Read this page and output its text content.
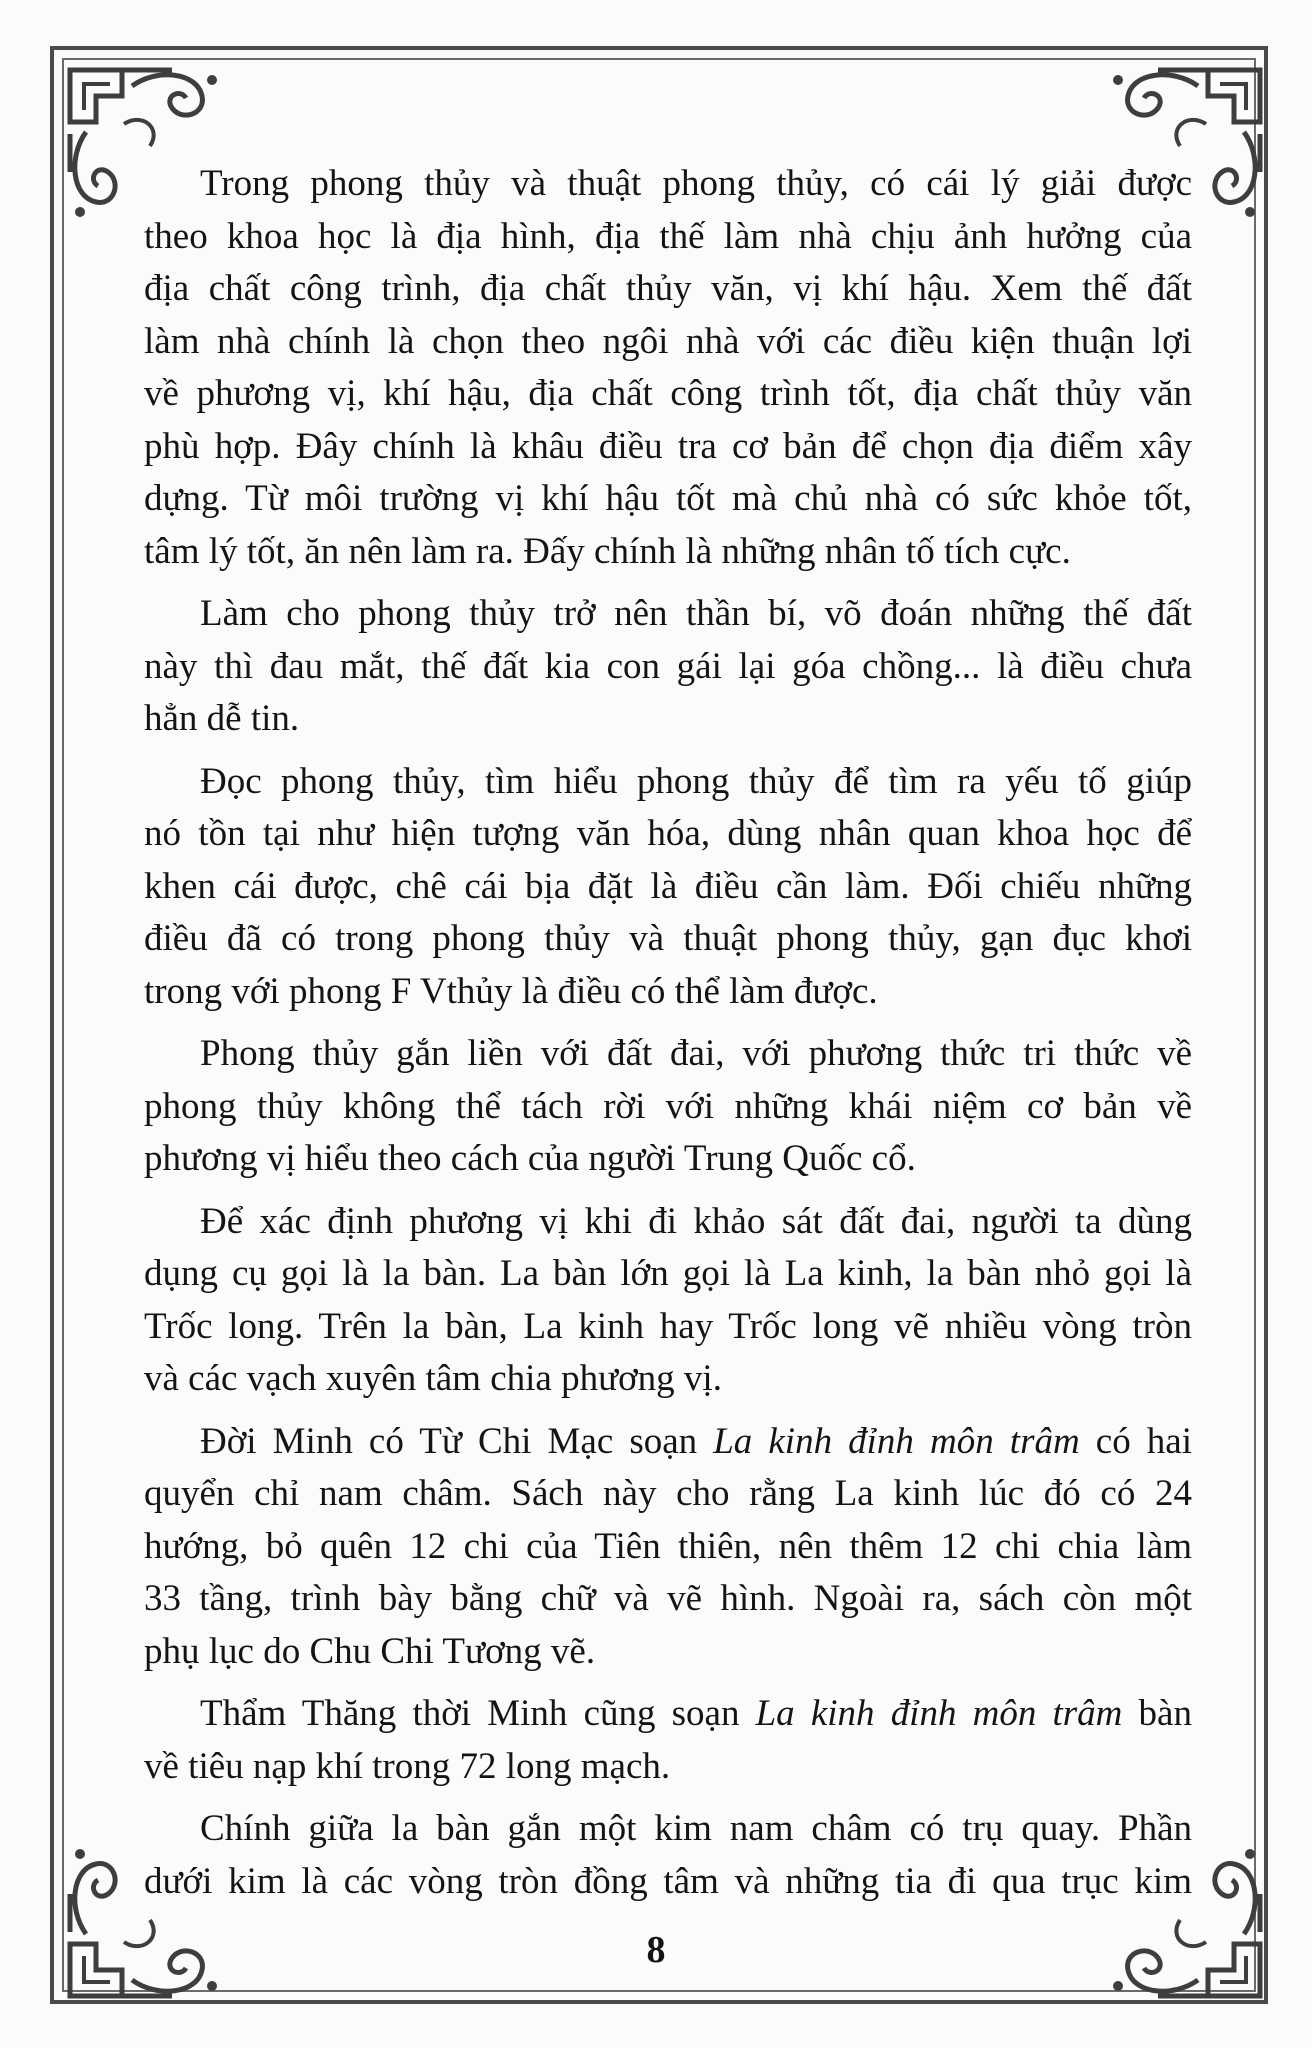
Trong phong thủy và thuật phong thủy, có cái lý giải được
theo khoa học là địa hình, địa thế làm nhà chịu ảnh hưởng của
địa chất công trình, địa chất thủy văn, vị khí hậu. Xem thế đất
làm nhà chính là chọn theo ngôi nhà với các điều kiện thuận lợi
về phương vị, khí hậu, địa chất công trình tốt, địa chất thủy văn
phù hợp. Đây chính là khâu điều tra cơ bản để chọn địa điểm xây
dựng. Từ môi trường vị khí hậu tốt mà chủ nhà có sức khỏe tốt,
tâm lý tốt, ăn nên làm ra. Đấy chính là những nhân tố tích cực.
Làm cho phong thủy trở nên thần bí, võ đoán những thế đất
này thì đau mắt, thế đất kia con gái lại góa chồng... là điều chưa
hẳn dễ tin.
Đọc phong thủy, tìm hiểu phong thủy để tìm ra yếu tố giúp
nó tồn tại như hiện tượng văn hóa, dùng nhân quan khoa học để
khen cái được, chê cái bịa đặt là điều cần làm. Đối chiếu những
điều đã có trong phong thủy và thuật phong thủy, gạn đục khơi
trong với phong F Vthủy là điều có thể làm được.
Phong thủy gắn liền với đất đai, với phương thức tri thức về
phong thủy không thể tách rời với những khái niệm cơ bản về
phương vị hiểu theo cách của người Trung Quốc cổ.
Để xác định phương vị khi đi khảo sát đất đai, người ta dùng
dụng cụ gọi là la bàn. La bàn lớn gọi là La kinh, la bàn nhỏ gọi là
Trốc long. Trên la bàn, La kinh hay Trốc long vẽ nhiều vòng tròn
và các vạch xuyên tâm chia phương vị.
Đời Minh có Từ Chi Mạc soạn La kinh đỉnh môn trâm có hai
quyển chỉ nam châm. Sách này cho rằng La kinh lúc đó có 24
hướng, bỏ quên 12 chi của Tiên thiên, nên thêm 12 chi chia làm
33 tầng, trình bày bằng chữ và vẽ hình. Ngoài ra, sách còn một
phụ lục do Chu Chi Tương vẽ.
Thẩm Thăng thời Minh cũng soạn La kinh đỉnh môn trâm bàn
về tiêu nạp khí trong 72 long mạch.
Chính giữa la bàn gắn một kim nam châm có trụ quay. Phần
dưới kim là các vòng tròn đồng tâm và những tia đi qua trục kim
8
